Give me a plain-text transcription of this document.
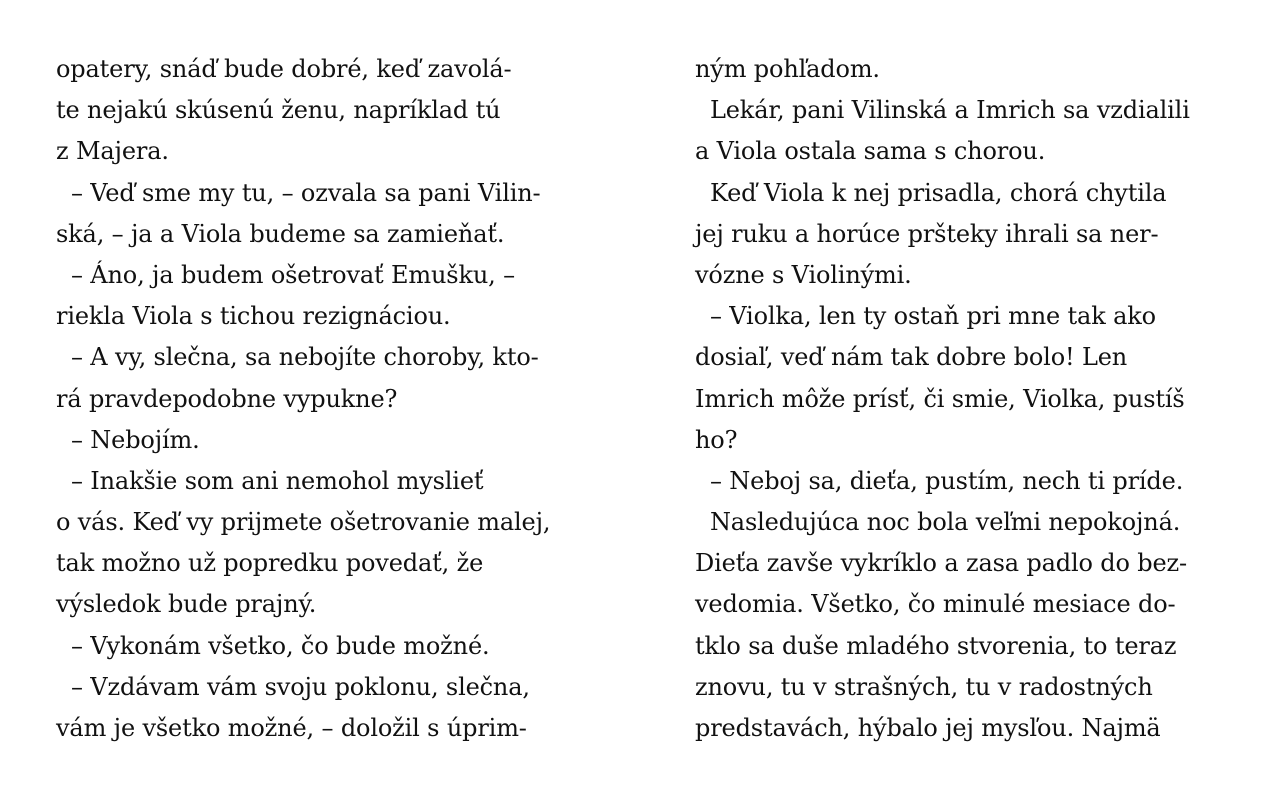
opatery, snáď bude dobré, keď zavolá-
te nejakú skúsenú ženu, napríklad tú
z Majera.
– Veď sme my tu, – ozvala sa pani Vilin-
ská, – ja a Viola budeme sa zamieňať.
– Áno, ja budem ošetrovať Emušku, –
riekla Viola s tichou rezignáciou.
– A vy, slečna, sa nebojíte choroby, kto-
rá pravdepodobne vypukne?
– Nebojím.
– Inakšie som ani nemohol myslieť
o vás. Keď vy prijmete ošetrovanie malej,
tak možno už popredku povedať, že
výsledok bude prajný.
– Vykonám všetko, čo bude možné.
– Vzdávam vám svoju poklonu, slečna,
vám je všetko možné, – doložil s úprim-
ným pohľadom.
Lekár, pani Vilinská a Imrich sa vzdialili
a Viola ostala sama s chorou.
Keď Viola k nej prisadla, chorá chytila
jej ruku a horúce pršteky ihrali sa ner-
vózne s Violinými.
– Violka, len ty ostaň pri mne tak ako
dosiaľ, veď nám tak dobre bolo! Len
Imrich môže prísť, či smie, Violka, pustíš
ho?
– Neboj sa, dieťa, pustím, nech ti príde.
Nasledujúca noc bola veľmi nepokojná.
Dieťa zavše vykríklo a zasa padlo do bez-
vedomia. Všetko, čo minulé mesiace do-
tklo sa duše mladého stvorenia, to teraz
znovu, tu v strašných, tu v radostných
predstavách, hýbalo jej mysľou. Najmä
